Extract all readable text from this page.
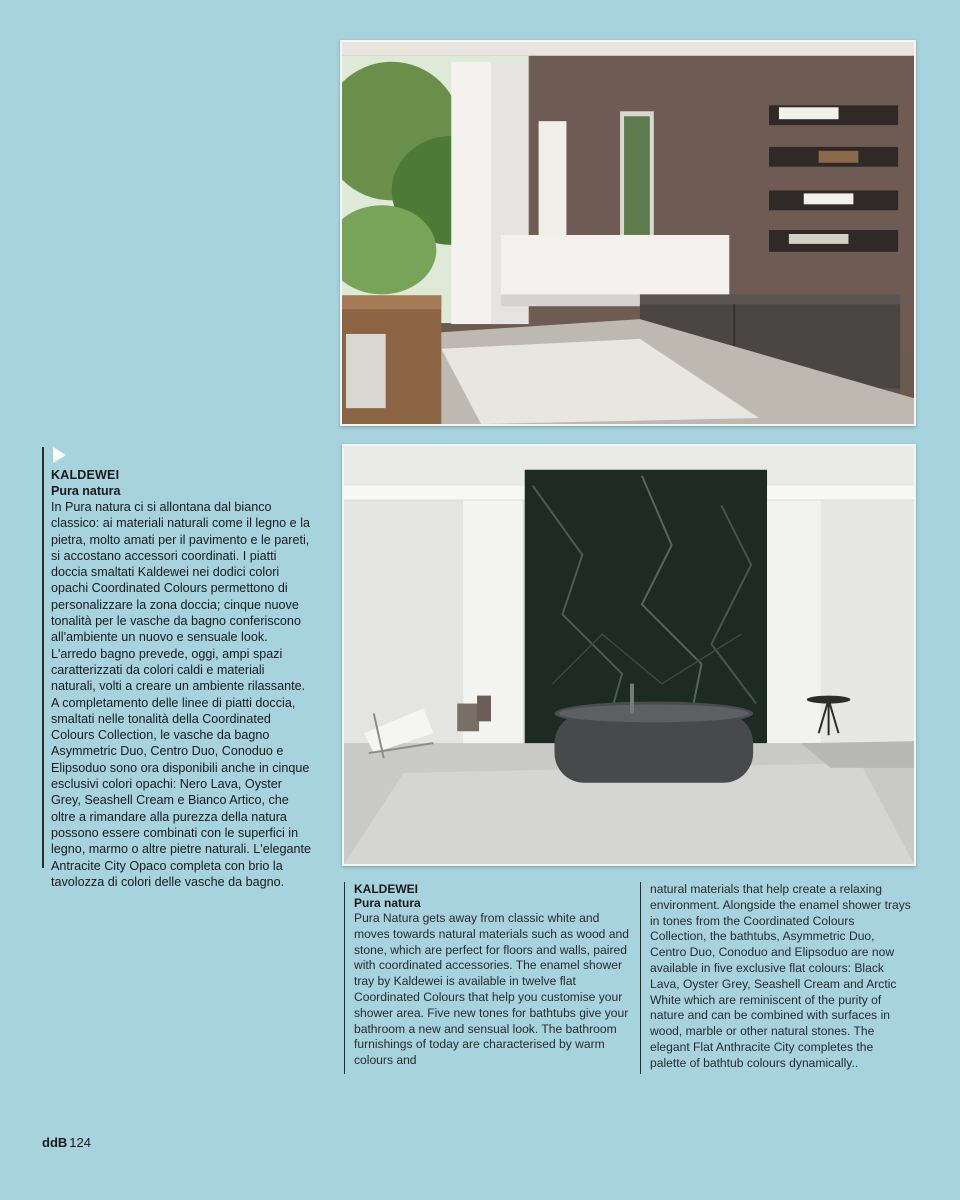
KALDEWEI
Pura natura

In Pura natura ci si allontana dal bianco classico: ai materiali naturali come il legno e la pietra, molto amati per il pavimento e le pareti, si accostano accessori coordinati. I piatti doccia smaltati Kaldewei nei dodici colori opachi Coordinated Colours permettono di personalizzare la zona doccia; cinque nuove tonalità per le vasche da bagno conferiscono all'ambiente un nuovo e sensuale look. L'arredo bagno prevede, oggi, ampi spazi caratterizzati da colori caldi e materiali naturali, volti a creare un ambiente rilassante. A completamento delle linee di piatti doccia, smaltati nelle tonalità della Coordinated Colours Collection, le vasche da bagno Asymmetric Duo, Centro Duo, Conoduo e Elipsoduo sono ora disponibili anche in cinque esclusivi colori opachi: Nero Lava, Oyster Grey, Seashell Cream e Bianco Artico, che oltre a rimandare alla purezza della natura possono essere combinati con le superfici in legno, marmo o altre pietre naturali. L'elegante Antracite City Opaco completa con brio la tavolozza di colori delle vasche da bagno.

KALDEWEI
Pura natura

Pura Natura gets away from classic white and moves towards natural materials such as wood and stone, which are perfect for floors and walls, paired with coordinated accessories. The enamel shower tray by Kaldewei is available in twelve flat Coordinated Colours that help you customise your shower area. Five new tones for bathtubs give your bathroom a new and sensual look. The bathroom furnishings of today are characterised by warm colours and

natural materials that help create a relaxing environment. Alongside the enamel shower trays in tones from the Coordinated Colours Collection, the bathtubs, Asymmetric Duo, Centro Duo, Conoduo and Elipsoduo are now available in five exclusive flat colours: Black Lava, Oyster Grey, Seashell Cream and Arctic White which are reminiscent of the purity of nature and can be combined with surfaces in wood, marble or other natural stones. The elegant Flat Anthracite City completes the palette of bathtub colours dynamically..

ddB 124
